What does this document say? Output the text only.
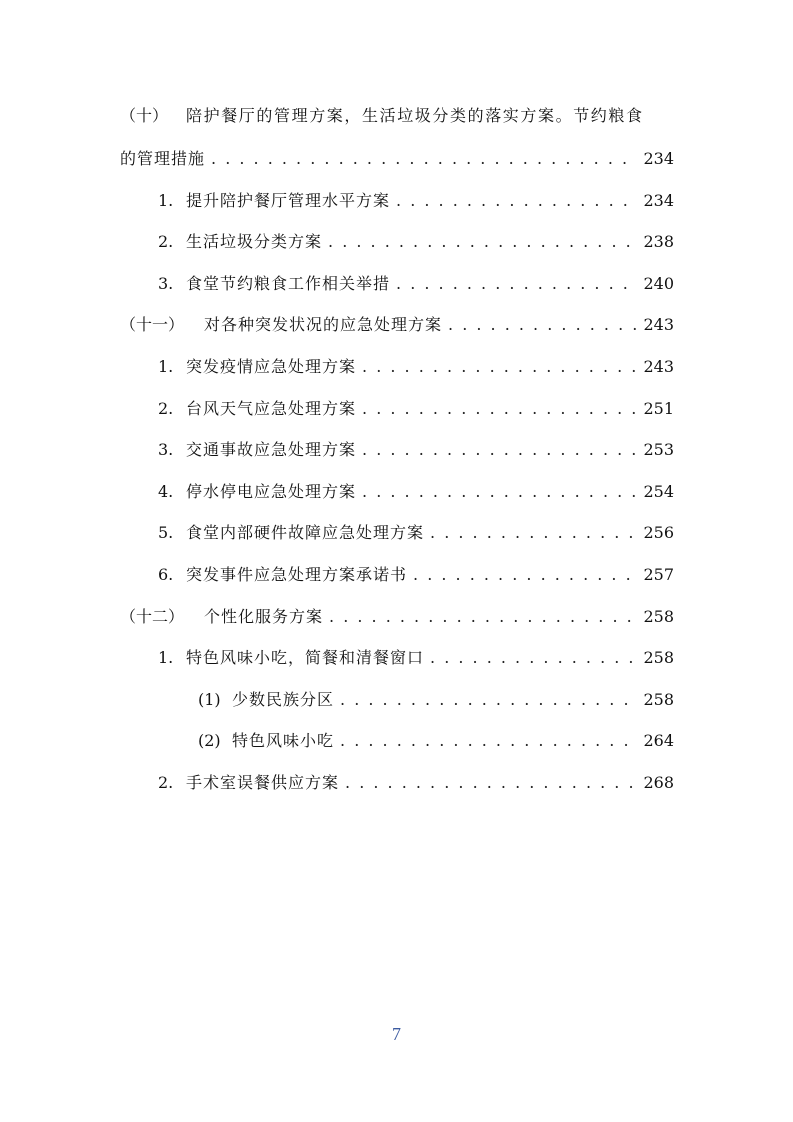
（十）	陪护餐厅的管理方案，生活垃圾分类的落实方案。节约粮食
的管理措施 . . .	234
1. 提升陪护餐厅管理水平方案 . . .	234
2. 生活垃圾分类方案 . . .	238
3. 食堂节约粮食工作相关举措 . . .	240
（十一）	对各种突发状况的应急处理方案 . . .	243
1. 突发疫情应急处理方案 . . .	243
2. 台风天气应急处理方案 . . .	251
3. 交通事故应急处理方案 . . .	253
4. 停水停电应急处理方案 . . .	254
5. 食堂内部硬件故障应急处理方案 . . .	256
6. 突发事件应急处理方案承诺书 . . .	257
（十二）	个性化服务方案 . . .	258
1. 特色风味小吃，简餐和清餐窗口 . . .	258
(1) 少数民族分区 . . .	258
(2) 特色风味小吃 . . .	264
2. 手术室误餐供应方案 . . .	268
7
